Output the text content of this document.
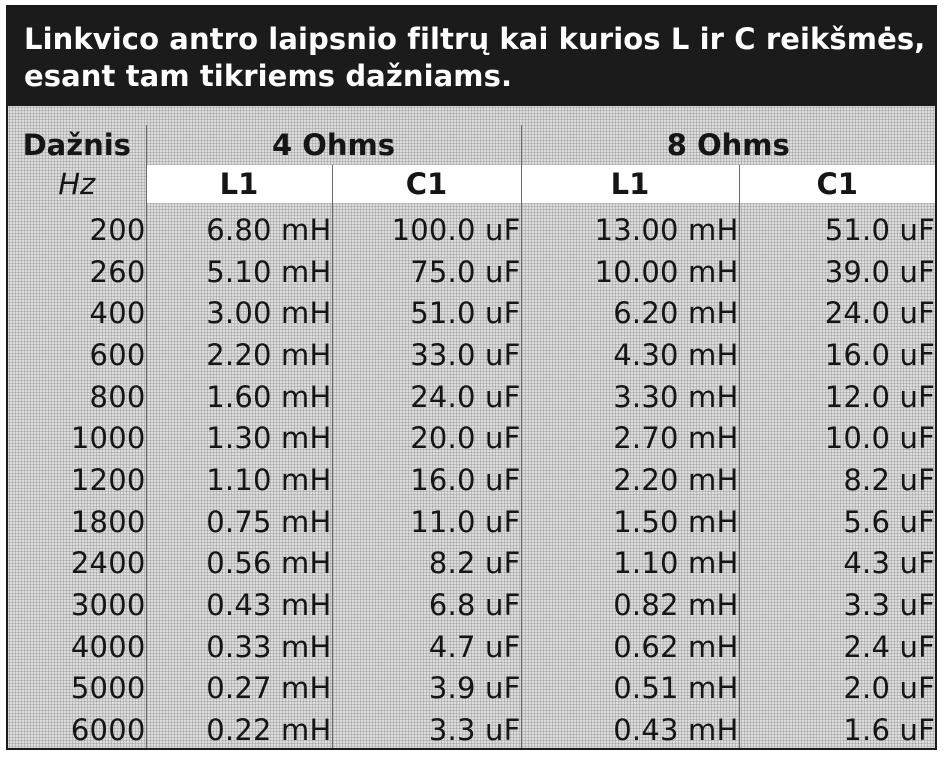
Linkvico antro laipsnio filtrų kai kurios L ir C reikšmės,
esant tam tikriems dažniams.
Dažnis	4 Ohms		8 Ohms	
Hz	L1	C1	L1	C1
200	6.80 mH	100.0 uF	13.00 mH	51.0 uF
260	5.10 mH	75.0 uF	10.00 mH	39.0 uF
400	3.00 mH	51.0 uF	6.20 mH	24.0 uF
600	2.20 mH	33.0 uF	4.30 mH	16.0 uF
800	1.60 mH	24.0 uF	3.30 mH	12.0 uF
1000	1.30 mH	20.0 uF	2.70 mH	10.0 uF
1200	1.10 mH	16.0 uF	2.20 mH	8.2 uF
1800	0.75 mH	11.0 uF	1.50 mH	5.6 uF
2400	0.56 mH	8.2 uF	1.10 mH	4.3 uF
3000	0.43 mH	6.8 uF	0.82 mH	3.3 uF
4000	0.33 mH	4.7 uF	0.62 mH	2.4 uF
5000	0.27 mH	3.9 uF	0.51 mH	2.0 uF
6000	0.22 mH	3.3 uF	0.43 mH	1.6 uF
